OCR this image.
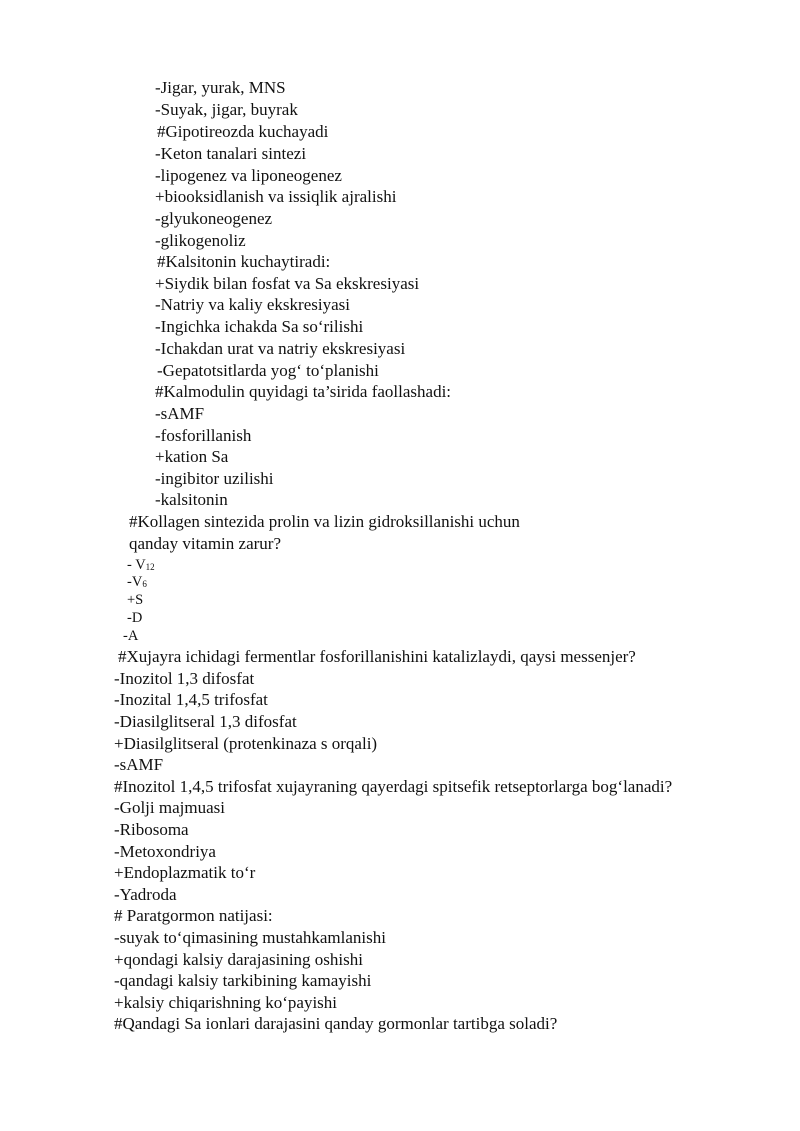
-Jigar, yurak, MNS
-Suyak, jigar, buyrak
#Gipotireozda kuchayadi
-Keton tanalari sintezi
-lipogenez va liponeogenez
+biooksidlanish va issiqlik ajralishi
-glyukoneogenez
-glikogenoliz
#Kalsitonin kuchaytiradi:
+Siydik bilan fosfat va Sa ekskresiyasi
-Natriy va kaliy ekskresiyasi
-Ingichka ichakda Sa so‘rilishi
-Ichakdan urat va natriy ekskresiyasi
-Gepatotsitlarda yog‘ to‘planishi
#Kalmodulin quyidagi ta’sirida faollashadi:
-sAMF
-fosforillanish
+kation Sa
-ingibitor uzilishi
-kalsitonin
#Kollagen sintezida prolin va lizin gidroksillanishi uchun
qanday vitamin zarur?
- $V_{12}$
$-V_6$
+S
-D
-A
#Xujayra ichidagi fermentlar fosforillanishini katalizlaydi, qaysi messenjer?
-Inozitol 1,3 difosfat
-Inozital 1,4,5 trifosfat
-Diasilglitseral 1,3 difosfat
+Diasilglitseral (protenkinaza s orqali)
-sAMF
#Inozitol 1,4,5 trifosfat xujayraning qayerdagi spitsefik retseptorlarga bog‘lanadi?
-Golji majmuasi
-Ribosoma
-Metoxondriya
+Endoplazmatik to‘r
-Yadroda
# Paratgormon natijasi:
-suyak to‘qimasining mustahkamlanishi
+qondagi kalsiy darajasining oshishi
-qandagi kalsiy tarkibining kamayishi
+kalsiy chiqarishning ko‘payishi
#Qandagi Sa ionlari darajasini qanday gormonlar tartibga soladi?
